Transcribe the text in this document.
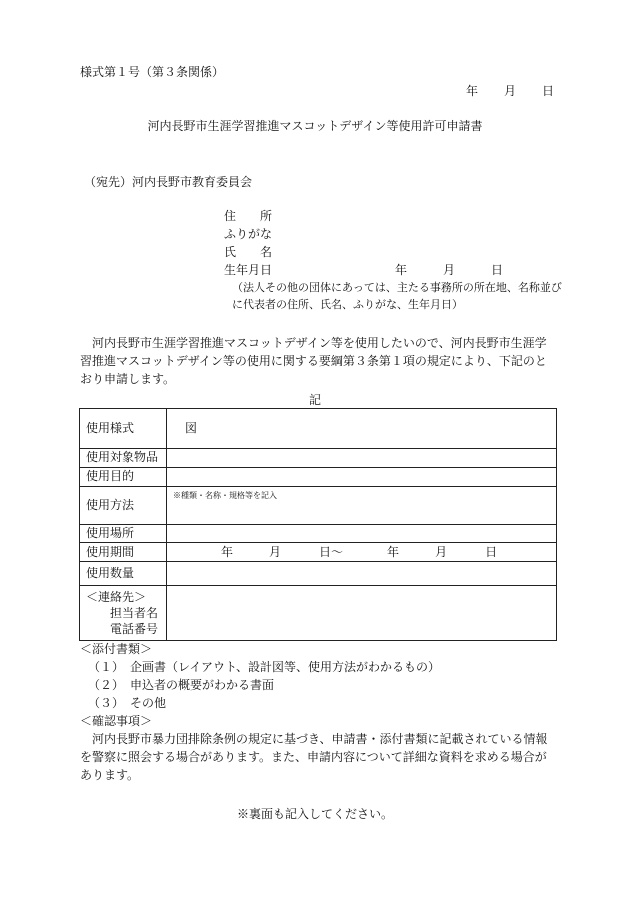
様式第１号（第３条関係）
年 月 日
河内長野市生涯学習推進マスコットデザイン等使用許可申請書
（宛先）河内長野市教育委員会
住　　所
ふりがな
氏　　名
生年月日	年	月	日
（法人その他の団体にあっては、主たる事務所の所在地、名称並びに代表者の住所、氏名、ふりがな、生年月日）
河内長野市生涯学習推進マスコットデザイン等を使用したいので、河内長野市生涯学習推進マスコットデザイン等の使用に関する要綱第３条第１項の規定により、下記のとおり申請します。
記
使用様式	図
使用対象物品	
使用目的	
使用方法	※種類・名称・規格等を記入
使用場所	
使用期間	年 月 日～ 年 月 日
使用数量	
＜連絡先＞
担当者名
電話番号	

＜添付書類＞
（１）　企画書（レイアウト、設計図等、使用方法がわかるもの）
（２）　申込者の概要がわかる書面
（３）　その他
＜確認事項＞
河内長野市暴力団排除条例の規定に基づき、申請書・添付書類に記載されている情報を警察に照会する場合があります。また、申請内容について詳細な資料を求める場合があります。
※裏面も記入してください。
